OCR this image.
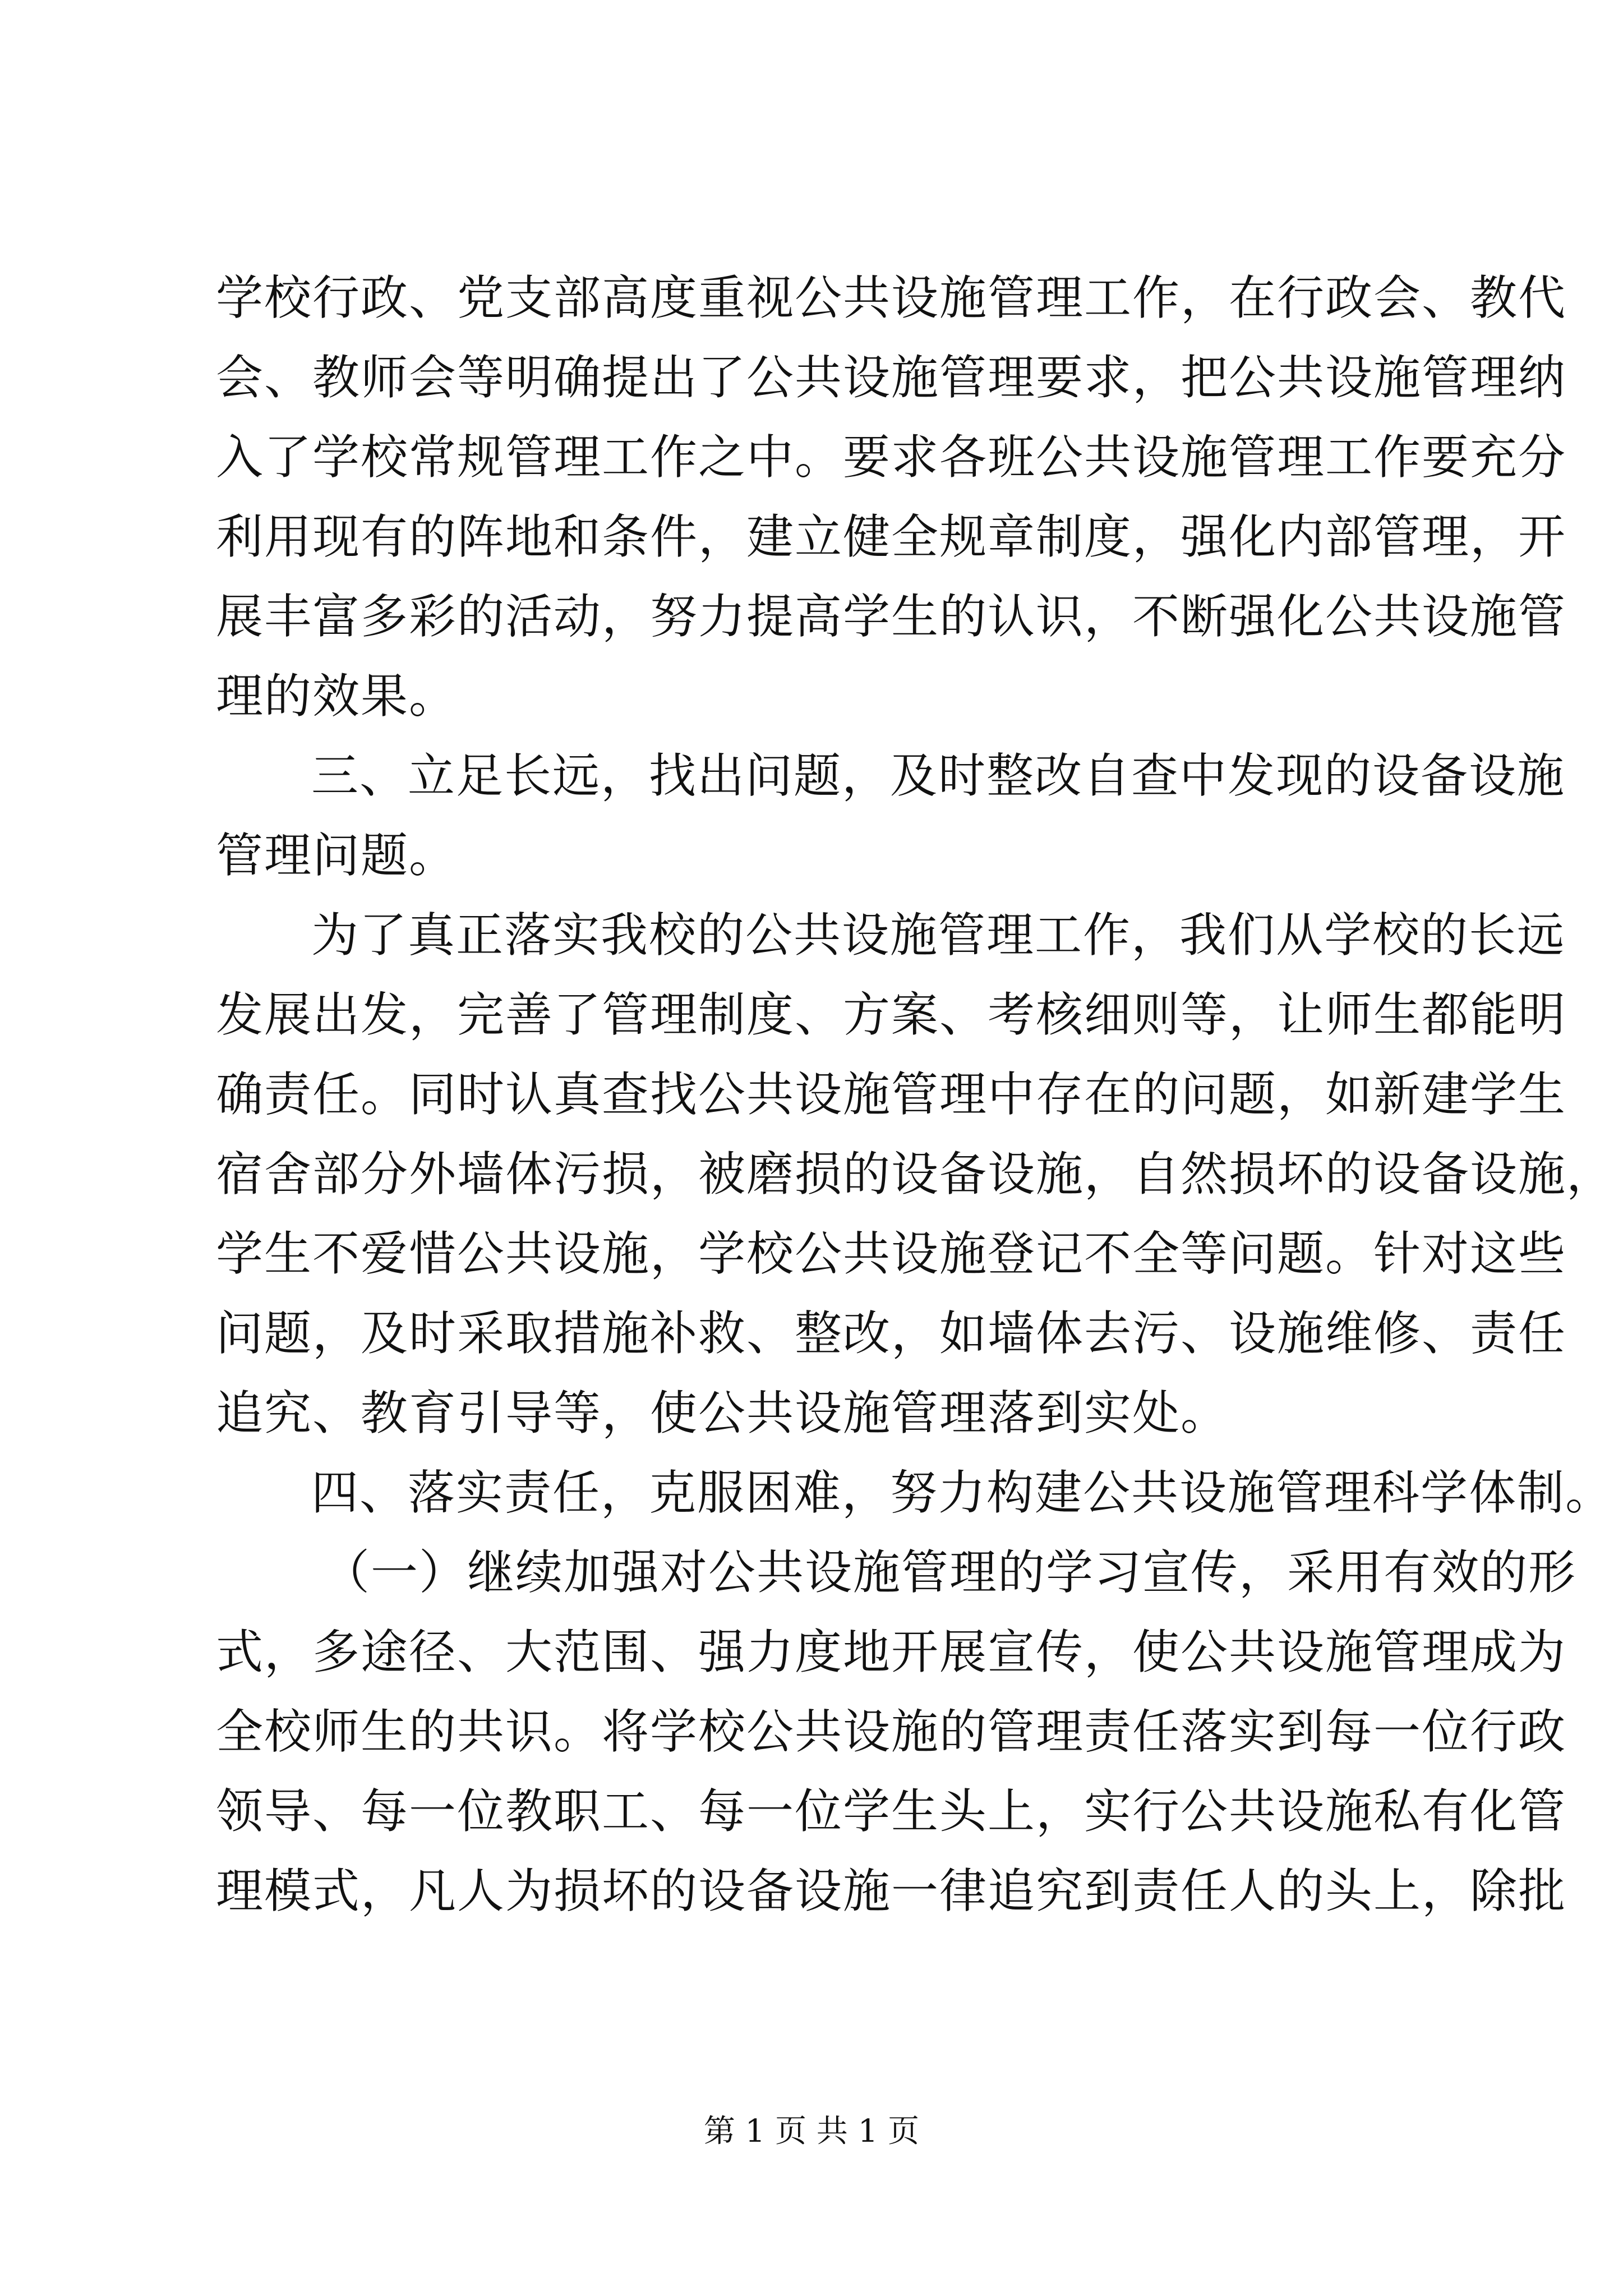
学校行政、党支部高度重视公共设施管理工作，在行政会、教代
会、教师会等明确提出了公共设施管理要求，把公共设施管理纳
入了学校常规管理工作之中。要求各班公共设施管理工作要充分
利用现有的阵地和条件，建立健全规章制度，强化内部管理，开
展丰富多彩的活动，努力提高学生的认识，不断强化公共设施管
理的效果。
三、立足长远，找出问题，及时整改自查中发现的设备设施
管理问题。
为了真正落实我校的公共设施管理工作，我们从学校的长远
发展出发，完善了管理制度、方案、考核细则等，让师生都能明
确责任。同时认真查找公共设施管理中存在的问题，如新建学生
宿舍部分外墙体污损，被磨损的设备设施，自然损坏的设备设施，
学生不爱惜公共设施，学校公共设施登记不全等问题。针对这些
问题，及时采取措施补救、整改，如墙体去污、设施维修、责任
追究、教育引导等，使公共设施管理落到实处。
四、落实责任，克服困难，努力构建公共设施管理科学体制。
（一）继续加强对公共设施管理的学习宣传，采用有效的形
式，多途径、大范围、强力度地开展宣传，使公共设施管理成为
全校师生的共识。将学校公共设施的管理责任落实到每一位行政
领导、每一位教职工、每一位学生头上，实行公共设施私有化管
理模式，凡人为损坏的设备设施一律追究到责任人的头上，除批
第 1 页 共 1 页
